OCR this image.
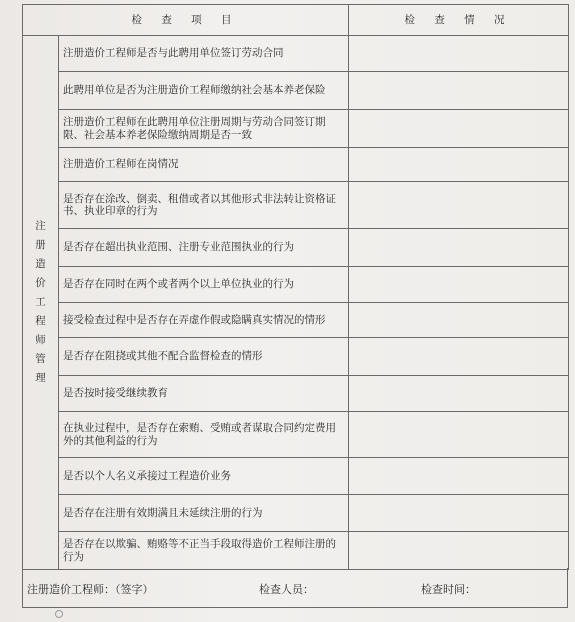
检 查 项 目		检 查 情 况
注册造价工程师管理	注册造价工程师是否与此聘用单位签订劳动合同	
	此聘用单位是否为注册造价工程师缴纳社会基本养老保险	
	注册造价工程师在此聘用单位注册周期与劳动合同签订期限、社会基本养老保险缴纳周期是否一致	
	注册造价工程师在岗情况	
	是否存在涂改、倒卖、租借或者以其他形式非法转让资格证书、执业印章的行为	
	是否存在超出执业范围、注册专业范围执业的行为	
	是否存在同时在两个或者两个以上单位执业的行为	
	接受检查过程中是否存在弄虚作假或隐瞒真实情况的情形	
	是否存在阻挠或其他不配合监督检查的情形	
	是否按时接受继续教育	
	在执业过程中，是否存在索贿、受贿或者谋取合同约定费用外的其他利益的行为	
	是否以个人名义承接过工程造价业务	
	是否存在注册有效期满且未延续注册的行为	
	是否存在以欺骗、贿赂等不正当手段取得造价工程师注册的行为	
注册造价工程师：（签字）	检查人员：	检查时间：
